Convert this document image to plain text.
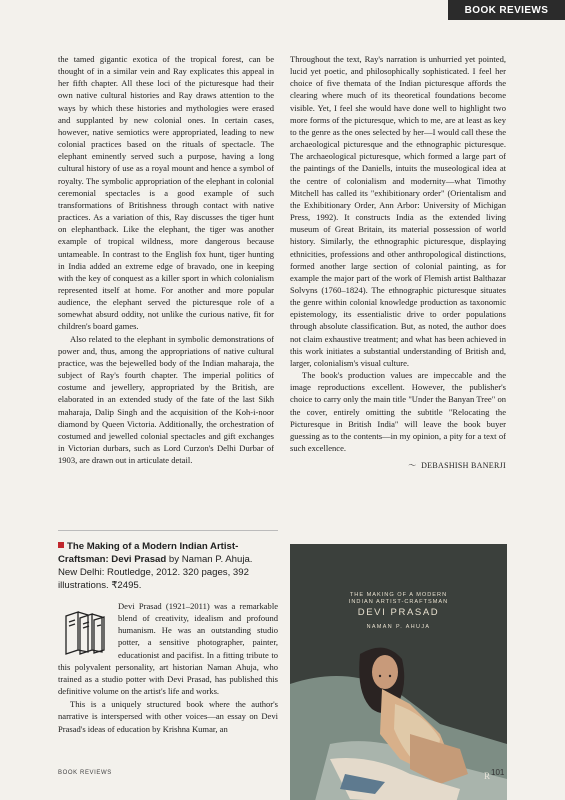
BOOK REVIEWS

the tamed gigantic exotica of the tropical forest, can be thought of in a similar vein and Ray explicates this appeal in her fifth chapter. All these loci of the picturesque had their own native cultural histories and Ray draws attention to the ways by which these histories and mythologies were erased and supplanted by new colonial ones. In certain cases, however, native semiotics were appropriated, leading to new colonial practices based on the rituals of spectacle. The elephant eminently served such a purpose, having a long cultural history of use as a royal mount and hence a symbol of royalty. The symbolic appropriation of the elephant in colonial ceremonial spectacles is a good example of such transformations of Britishness through contact with native practices. As a variation of this, Ray discusses the tiger hunt on elephantback. Like the elephant, the tiger was another example of tropical wildness, more dangerous because untameable. In contrast to the English fox hunt, tiger hunting in India added an extreme edge of bravado, one in keeping with the key of conquest as a killer sport in which colonialism represented itself at home. For another and more popular audience, the elephant served the picturesque role of a somewhat absurd oddity, not unlike the curious native, fit for children's board games.

Also related to the elephant in symbolic demonstrations of power and, thus, among the appropriations of native cultural practice, was the bejewelled body of the Indian maharaja, the subject of Ray's fourth chapter. The imperial politics of costume and jewellery, appropriated by the British, are elaborated in an extended study of the fate of the last Sikh maharaja, Dalip Singh and the acquisition of the Koh-i-noor diamond by Queen Victoria. Additionally, the orchestration of costumed and jewelled colonial spectacles and gift exchanges in Victorian durbars, such as Lord Curzon's Delhi Durbar of 1903, are drawn out in articulate detail.

Throughout the text, Ray's narration is unhurried yet pointed, lucid yet poetic, and philosophically sophisticated. I feel her choice of five themata of the Indian picturesque affords the clearing where much of its theoretical foundations become visible. Yet, I feel she would have done well to highlight two more forms of the picturesque, which to me, are at least as key to the genre as the ones selected by her—I would call these the archaeological picturesque and the ethnographic picturesque. The archaeological picturesque, which formed a large part of the paintings of the Daniells, intuits the museological idea at the centre of colonialism and modernity—what Timothy Mitchell has called its "exhibitionary order" (Orientalism and the Exhibitionary Order, Ann Arbor: University of Michigan Press, 1992). It constructs India as the extended living museum of Great Britain, its material possession of world history. Similarly, the ethnographic picturesque, displaying ethnicities, professions and other anthropological distinctions, formed another large section of colonial painting, as for example the major part of the work of Flemish artist Balthazar Solvyns (1760–1824). The ethnographic picturesque situates the genre within colonial knowledge production as taxonomic epistemology, its essentialistic drive to order populations through absolute classification. But, as noted, the author does not claim exhaustive treatment; and what has been achieved in this work initiates a substantial understanding of British and, larger, colonialism's visual culture.

The book's production values are impeccable and the image reproductions excellent. However, the publisher's choice to carry only the main title "Under the Banyan Tree" on the cover, entirely omitting the subtitle "Relocating the Picturesque in British India" will leave the book buyer guessing as to the contents—in my opinion, a pity for a text of such excellence.

〜 DEBASHISH BANERJI
The Making of a Modern Indian Artist-Craftsman: Devi Prasad by Naman P. Ahuja.
New Delhi: Routledge, 2012. 320 pages, 392 illustrations. ₹2495.

Devi Prasad (1921–2011) was a remarkable blend of creativity, idealism and profound humanism. He was an outstanding studio potter, a sensitive photographer, painter, educationist and pacifist. In a fitting tribute to this polyvalent personality, art historian Naman Ahuja, who trained as a studio potter with Devi Prasad, has published this definitive volume on the artist's life and works.

This is a uniquely structured book where the author's narrative is interspersed with other voices—an essay on Devi Prasad's ideas of education by Krishna Kumar, an

THE MAKING OF A MODERN
INDIAN ARTIST-CRAFTSMAN
DEVI PRASAD
NAMAN P. AHUJA
R
BOOK REVIEWS	101
